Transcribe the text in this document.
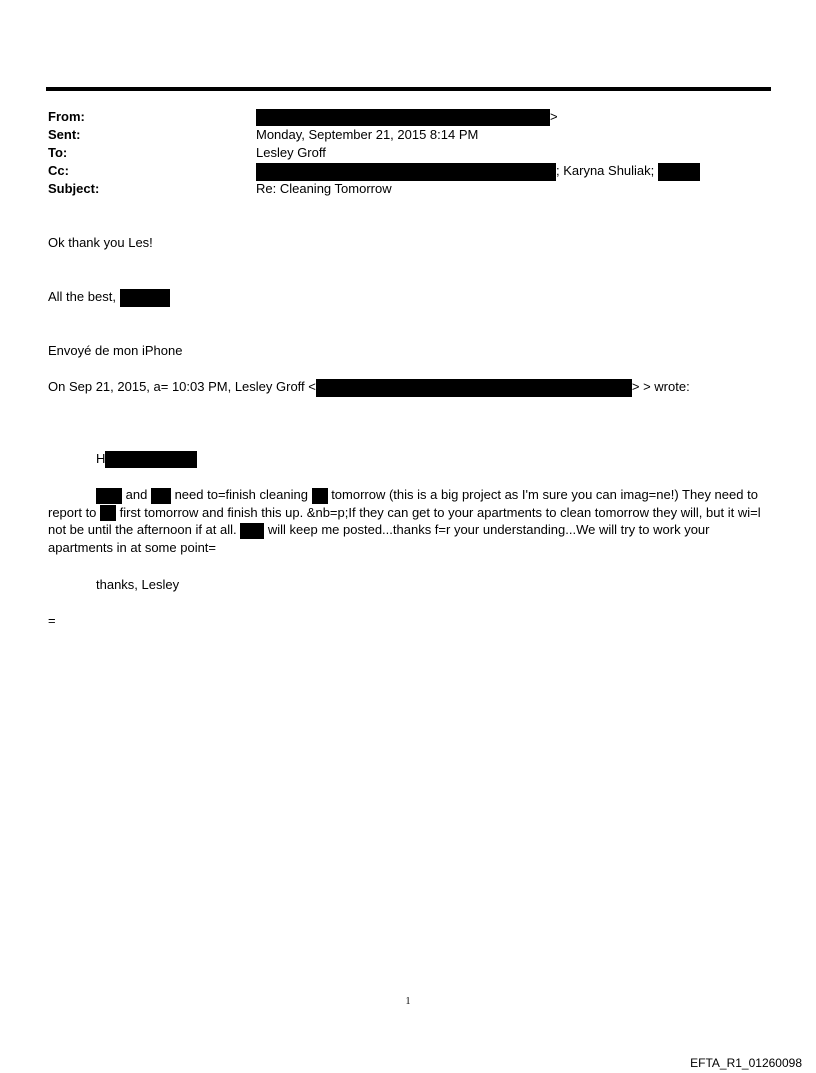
From:	>
Sent:	Monday, September 21, 2015 8:14 PM
To:	Lesley Groff
Cc:	; Karyna Shuliak;
Subject:	Re: Cleaning Tomorrow
Ok thank you Les!
All the best,
Envoyé de mon iPhone
On Sep 21, 2015, a= 10:03 PM, Lesley Groff <	> > wrote:
H
and need to=finish cleaning tomorrow (this is a big project as I'm sure you can imag=ne!) They need to report to first tomorrow and finish this up. &nb=p;If they can get to your apartments to clean tomorrow they will, but it wi=l not be until the afternoon if at all. will keep me posted...thanks f=r your understanding...We will try to work your apartments in at some point=
thanks, Lesley
=
1
EFTA_R1_01260098
